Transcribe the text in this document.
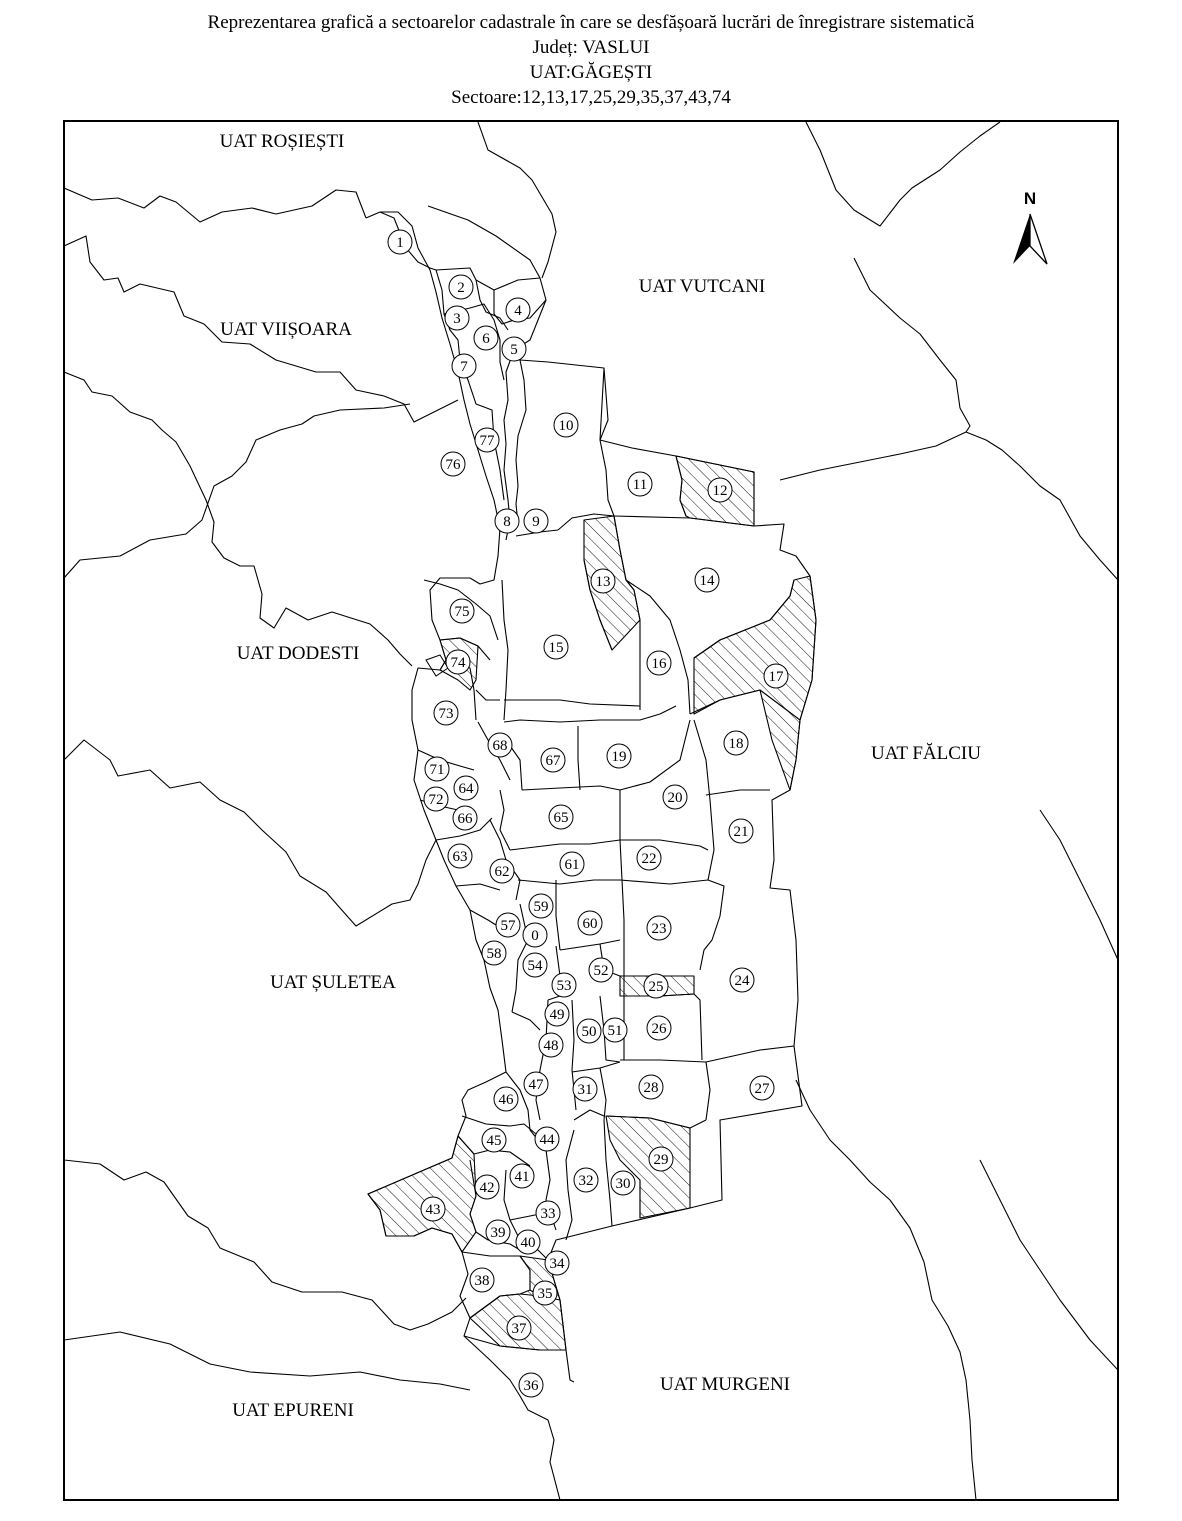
Reprezentarea grafică a sectoarelor cadastrale în care se desfășoară lucrări de înregistrare sistematică
Județ: VASLUI
UAT:GĂGEȘTI
Sectoare:12,13,17,25,29,35,37,43,74
N
UAT ROȘIEȘTI
UAT VIIȘOARA
UAT VUTCANI
UAT DODESTI
UAT FĂLCIU
UAT ȘULETEA
UAT MURGENI
UAT EPURENI
1
2
3	4
5
6
7
8 9
10
11	12
13	14
15
16
17
18
19
20
21
22
23
24
25
26
27
28
29
30
31
32
33
34
35
36
37
38
39
40
41
42
43
44
45
46
47
48
49
50 51
52
53
54
57
58
59
0
60
61
62
63
64
65
66
67
68
71
72
73
74
75
76
77
